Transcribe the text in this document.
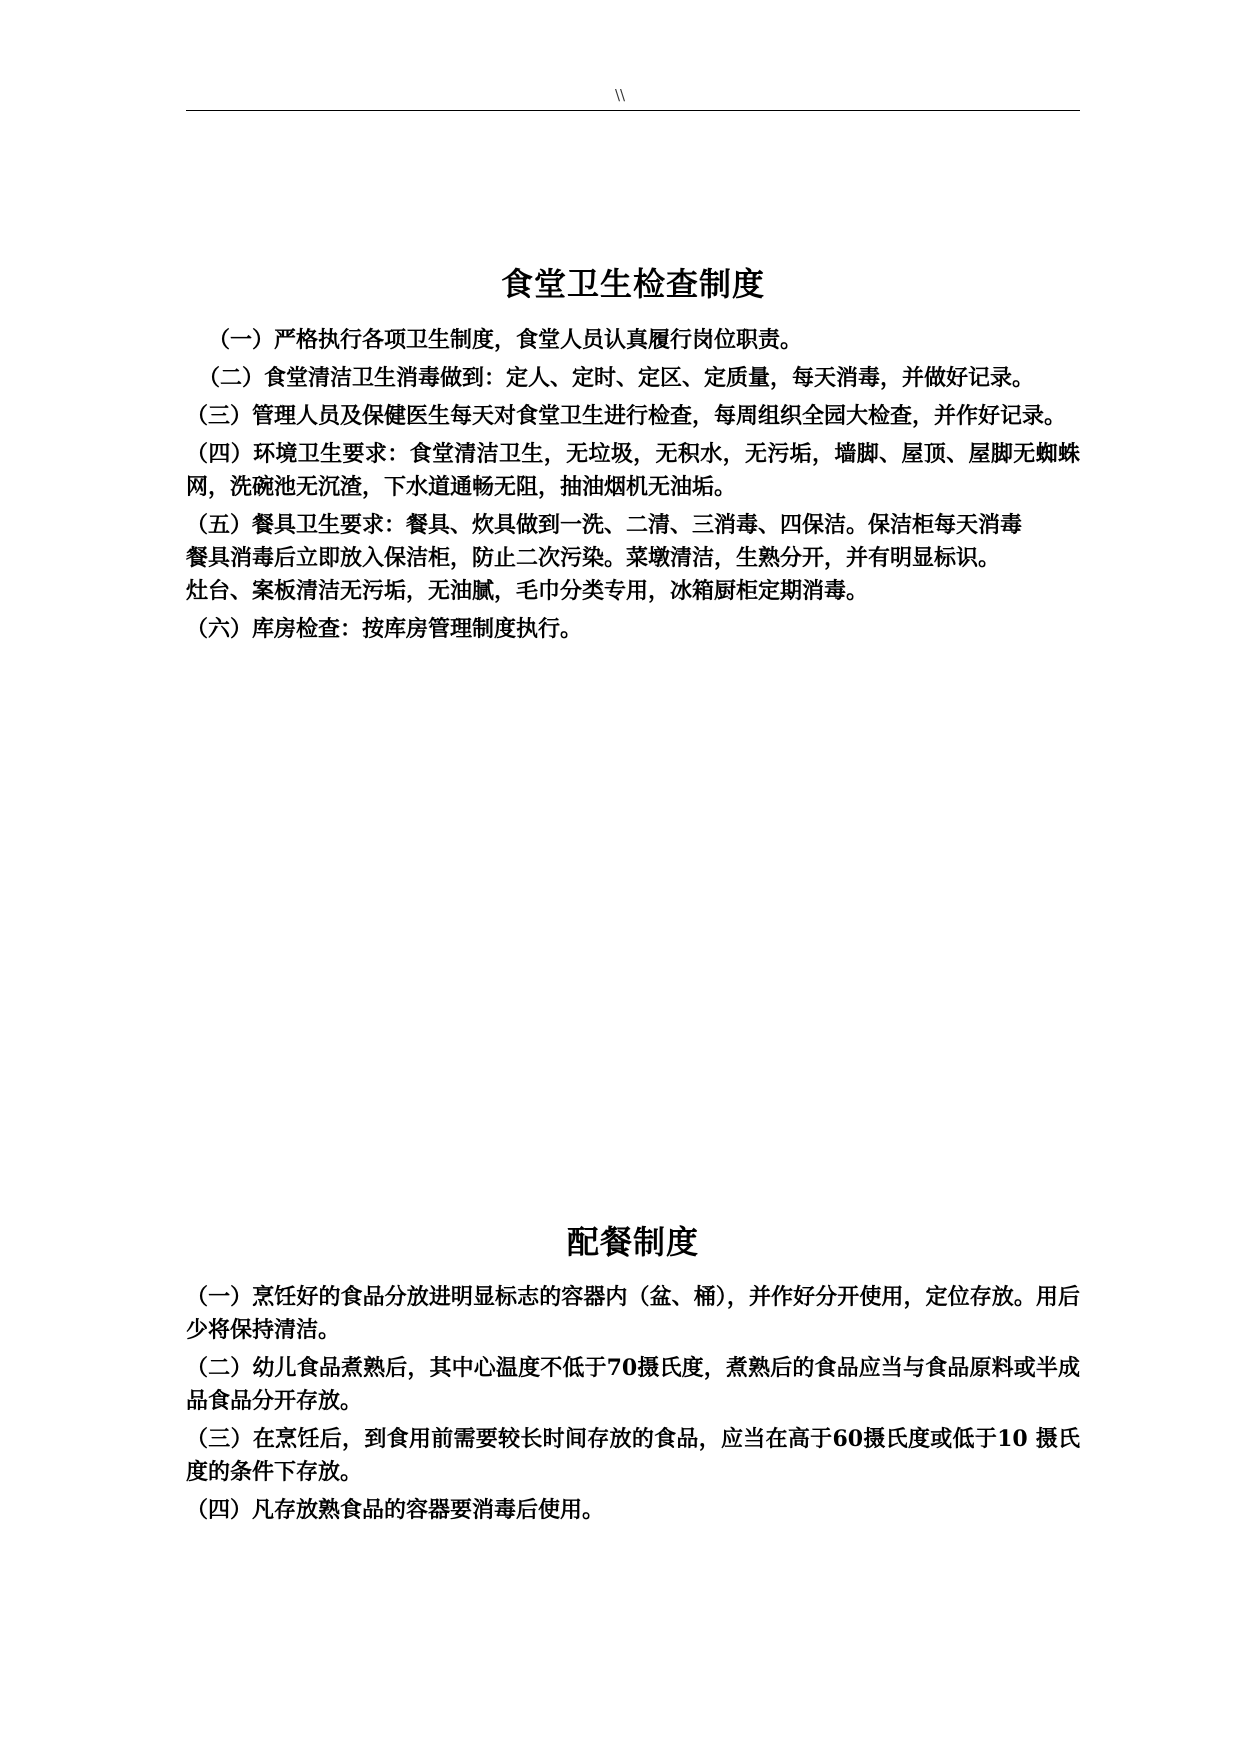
\\
食堂卫生检查制度

（一）严格执行各项卫生制度，食堂人员认真履行岗位职责。

（二）食堂清洁卫生消毒做到：定人、定时、定区、定质量，每天消毒，并做好记录。

（三）管理人员及保健医生每天对食堂卫生进行检查，每周组织全园大检查，并作好记录。

（四）环境卫生要求：食堂清洁卫生，无垃圾，无积水，无污垢，墙脚、屋顶、屋脚无蜘蛛网，洗碗池无沉渣，下水道通畅无阻，抽油烟机无油垢。

（五）餐具卫生要求：餐具、炊具做到一洗、二清、三消毒、四保洁。保洁柜每天消毒
餐具消毒后立即放入保洁柜，防止二次污染。菜墩清洁，生熟分开，并有明显标识。
灶台、案板清洁无污垢，无油腻，毛巾分类专用，冰箱厨柜定期消毒。

（六）库房检查：按库房管理制度执行。

配餐制度

（一）烹饪好的食品分放进明显标志的容器内（盆、桶），并作好分开使用，定位存放。用后少将保持清洁。

（二）幼儿食品煮熟后，其中心温度不低于70摄氏度，煮熟后的食品应当与食品原料或半成品食品分开存放。

（三）在烹饪后，到食用前需要较长时间存放的食品，应当在高于60摄氏度或低于10 摄氏度的条件下存放。

（四）凡存放熟食品的容器要消毒后使用。
